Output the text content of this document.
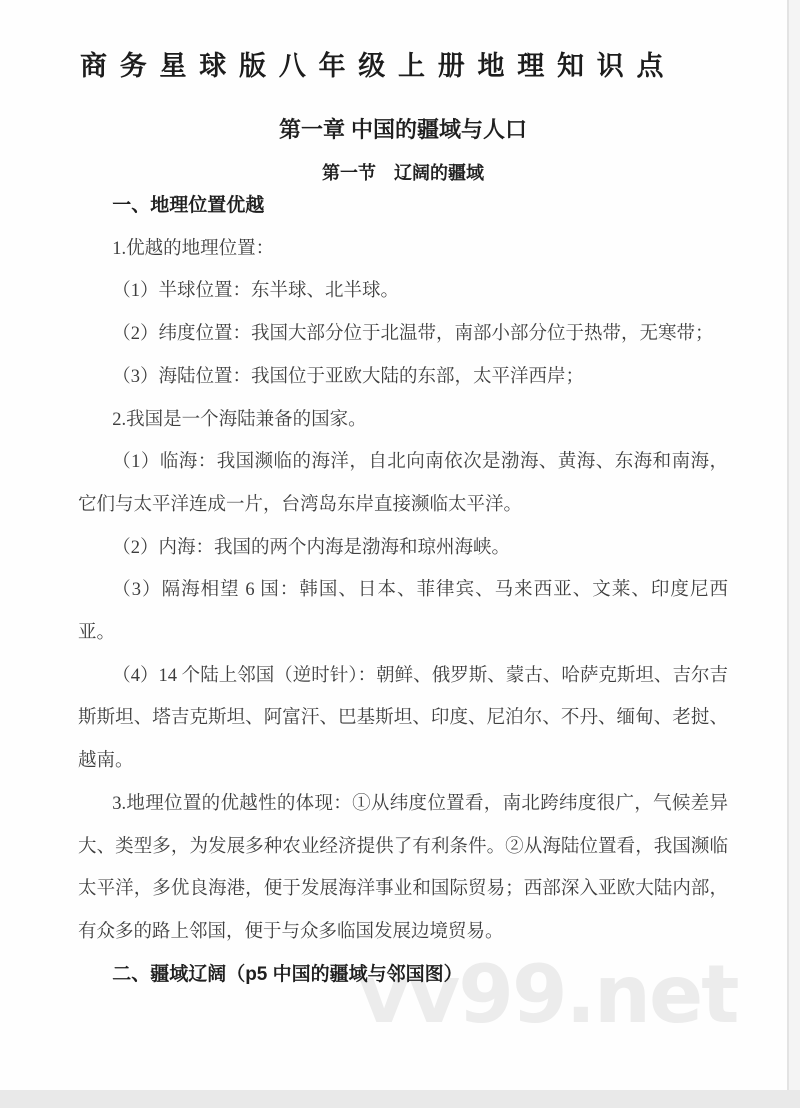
vv99.net
商 务 星 球 版 八 年 级 上 册 地 理 知 识 点
第一章 中国的疆域与人口
第一节　辽阔的疆域

一、地理位置优越

1.优越的地理位置：

（1）半球位置：东半球、北半球。

（2）纬度位置：我国大部分位于北温带，南部小部分位于热带，无寒带；

（3）海陆位置：我国位于亚欧大陆的东部，太平洋西岸；

2.我国是一个海陆兼备的国家。

（1）临海：我国濒临的海洋，自北向南依次是渤海、黄海、东海和南海，它们与太平洋连成一片，台湾岛东岸直接濒临太平洋。

（2）内海：我国的两个内海是渤海和琼州海峡。

（3）隔海相望 6 国：韩国、日本、菲律宾、马来西亚、文莱、印度尼西亚。

（4）14 个陆上邻国（逆时针）：朝鲜、俄罗斯、蒙古、哈萨克斯坦、吉尔吉斯斯坦、塔吉克斯坦、阿富汗、巴基斯坦、印度、尼泊尔、不丹、缅甸、老挝、越南。

3.地理位置的优越性的体现：①从纬度位置看，南北跨纬度很广，气候差异大、类型多，为发展多种农业经济提供了有利条件。②从海陆位置看，我国濒临太平洋，多优良海港，便于发展海洋事业和国际贸易；西部深入亚欧大陆内部，有众多的路上邻国，便于与众多临国发展边境贸易。

二、疆域辽阔（p5 中国的疆域与邻国图）
